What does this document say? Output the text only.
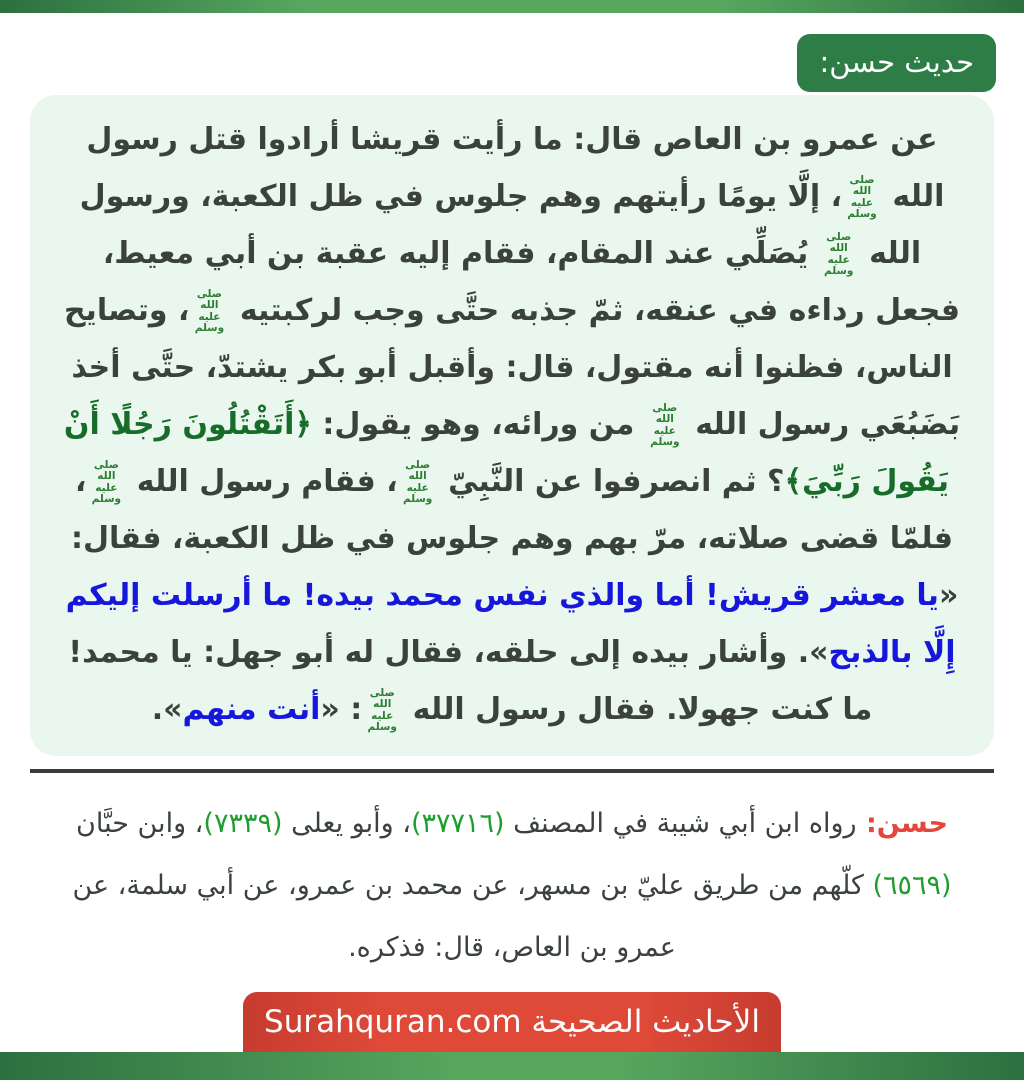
حديث حسن:

عن عمرو بن العاص قال: ما رأيت قريشا أرادوا قتل رسول الله صلى الله عليه وسلم، إلَّا يومًا رأيتهم وهم جلوس في ظل الكعبة، ورسول الله صلى الله عليه وسلم يُصَلِّي عند المقام، فقام إليه عقبة بن أبي معيط، فجعل رداءه في عنقه، ثمّ جذبه حتَّى وجب لركبتيه صلى الله عليه وسلم، وتصايح الناس، فظنوا أنه مقتول، قال: وأقبل أبو بكر يشتدّ، حتَّى أخذ بَضَبُعَي رسول الله صلى الله عليه وسلم من ورائه، وهو يقول: ﴿أَتَقْتُلُونَ رَجُلًا أَنْ يَقُولَ رَبِّيَ﴾؟ ثم انصرفوا عن النَّبِيّ صلى الله عليه وسلم، فقام رسول الله صلى الله عليه وسلم، فلمّا قضى صلاته، مرّ بهم وهم جلوس في ظل الكعبة، فقال: «يا معشر قريش! أما والذي نفس محمد بيده! ما أرسلت إليكم إِلَّا بالذبح». وأشار بيده إلى حلقه، فقال له أبو جهل: يا محمد! ما كنت جهولا. فقال رسول الله صلى الله عليه وسلم: «أنت منهم».

حسن: رواه ابن أبي شيبة في المصنف (٣٧٧١٦)، وأبو يعلى (٧٣٣٩)، وابن حبَّان (٦٥٦٩) كلّهم من طريق عليّ بن مسهر، عن محمد بن عمرو، عن أبي سلمة، عن عمرو بن العاص، قال: فذكره.

الأحاديث الصحيحة Surahquran.com
